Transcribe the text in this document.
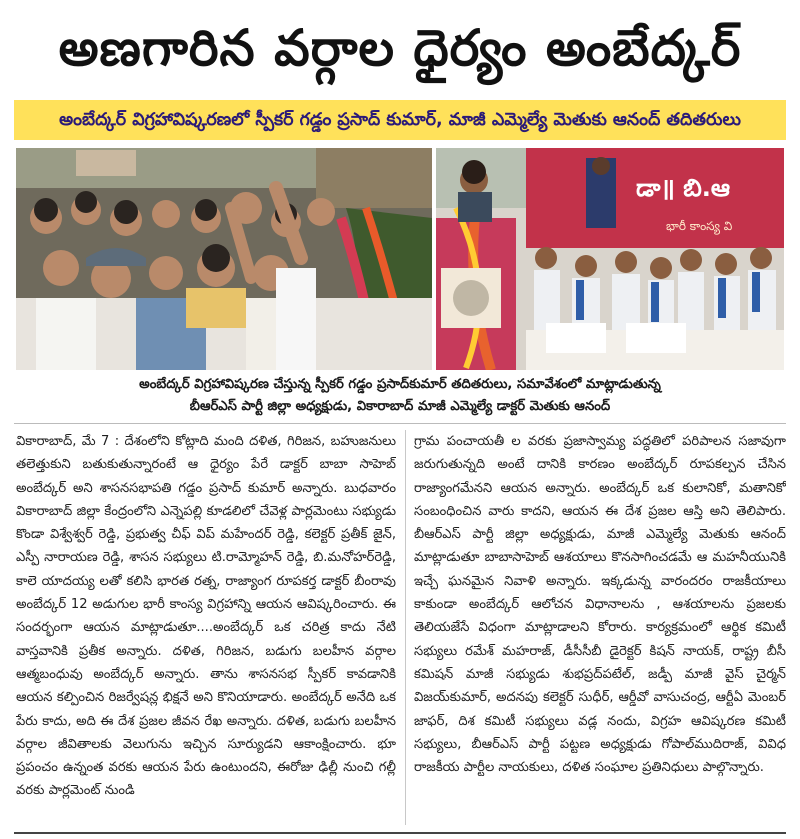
అణగారిన వర్గాల ధైర్యం అంబేద్కర్
అంబేద్కర్ విగ్రహావిష్కరణలో స్పీకర్ గడ్డం ప్రసాద్ కుమార్, మాజీ ఎమ్మెల్యే మెతుకు ఆనంద్ తదితరులు
డా॥ బి.ఆ
భారీ కాంస్య వి
అంబేద్కర్ విగ్రహావిష్కరణ చేస్తున్న స్పీకర్ గడ్డం ప్రసాద్‌కుమార్ తదితరులు, సమావేశంలో మాట్లాడుతున్న
బీఆర్ఎస్ పార్టీ జిల్లా అధ్యక్షుడు, వికారాబాద్ మాజీ ఎమ్మెల్యే డాక్టర్ మెతుకు ఆనంద్

వికారాబాద్, మే 7 : దేశంలోని కోట్లాది మంది దళిత, గిరిజన, బహుజనులు తలెత్తుకుని బతుకుతున్నారంటే ఆ ధైర్యం పేరే డాక్టర్ బాబా సాహెబ్ అంబేద్కర్ అని శాసనసభాపతి గడ్డం ప్రసాద్ కుమార్ అన్నారు. బుధవారం వికారాబాద్ జిల్లా కేంద్రంలోని ఎన్నెపల్లి కూడలిలో చేవెళ్ల పార్లమెంటు సభ్యుడు కొండా విశ్వేశ్వర్ రెడ్డి, ప్రభుత్వ చీఫ్ విప్ మహేందర్ రెడ్డి, కలెక్టర్ ప్రతీక్ జైన్, ఎస్పీ నారాయణ రెడ్డి, శాసన సభ్యులు టి.రామ్మోహన్ రెడ్డి, బి.మనోహర్‌రెడ్డి, కాలె యాదయ్య లతో కలిసి భారత రత్న, రాజ్యాంగ రూపకర్త డాక్టర్ బీంరావు అంబేద్కర్ 12 అడుగుల భారీ కాంస్య విగ్రహాన్ని ఆయన ఆవిష్కరించారు. ఈ సందర్భంగా ఆయన మాట్లాడుతూ....అంబేద్కర్ ఒక చరిత్ర కాదు నేటి వాస్తవానికి ప్రతీక అన్నారు. దళిత, గిరిజన, బడుగు బలహీన వర్గాల ఆత్మబంధువు అంబేద్కర్ అన్నారు. తాను శాసనసభ స్పీకర్ కావడానికి ఆయన కల్పించిన రిజర్వేషన్ల భిక్షనే అని కొనియాడారు. అంబేద్కర్ అనేది ఒక పేరు కాదు, అది ఈ దేశ ప్రజల జీవన రేఖ అన్నారు. దళిత, బడుగు బలహీన వర్గాల జీవితాలకు వెలుగును ఇచ్చిన సూర్యుడని ఆకాంక్షించారు. భూ ప్రపంచం ఉన్నంత వరకు ఆయన పేరు ఉంటుందని, ఈరోజు ఢిల్లీ నుంచి గల్లీ వరకు పార్లమెంట్ నుండి

గ్రామ పంచాయతీ ల వరకు ప్రజాస్వామ్య పద్ధతిలో పరిపాలన సజావుగా జరుగుతున్నది అంటే దానికి కారణం అంబేద్కర్ రూపకల్పన చేసిన రాజ్యాంగమేనని ఆయన అన్నారు. అంబేద్కర్ ఒక కులానికో, మతానికో సంబంధించిన వారు కాదని, ఆయన ఈ దేశ ప్రజల ఆస్తి అని తెలిపారు. బీఆర్ఎస్ పార్టీ జిల్లా అధ్యక్షుడు, మాజీ ఎమ్మెల్యే మెతుకు ఆనంద్ మాట్లాడుతూ బాబాసాహెబ్ ఆశయాలు కొనసాగించడమే ఆ మహనీయునికి ఇచ్చే ఘనమైన నివాళి అన్నారు. ఇక్కడున్న వారందరం రాజకీయాలు కాకుండా అంబేద్కర్ ఆలోచన విధానాలను , ఆశయాలను ప్రజలకు తెలియజేసే విధంగా మాట్లాడాలని కోరారు. కార్యక్రమంలో ఆర్థిక కమిటీ సభ్యులు రమేశ్ మహరాజ్, డీసీసీబీ డైరెక్టర్ కిషన్ నాయక్, రాష్ట్ర బీసీ కమిషన్ మాజీ సభ్యుడు శుభప్రద్‌పటేల్, జడ్పీ మాజీ వైస్ చైర్మన్ విజయ్‌కుమార్, అదనపు కలెక్టర్ సుధీర్, ఆర్డీవో వాసుచంద్ర, ఆర్టీఏ మెంబర్ జాఫర్, దిశ కమిటీ సభ్యులు వడ్ల నందు, విగ్రహ ఆవిష్కరణ కమిటీ సభ్యులు, బీఆర్ఎస్ పార్టీ పట్టణ అధ్యక్షుడు గోపాల్‌ముదిరాజ్, వివిధ రాజకీయ పార్టీల నాయకులు, దళిత సంఘాల ప్రతినిధులు పాల్గొన్నారు.
